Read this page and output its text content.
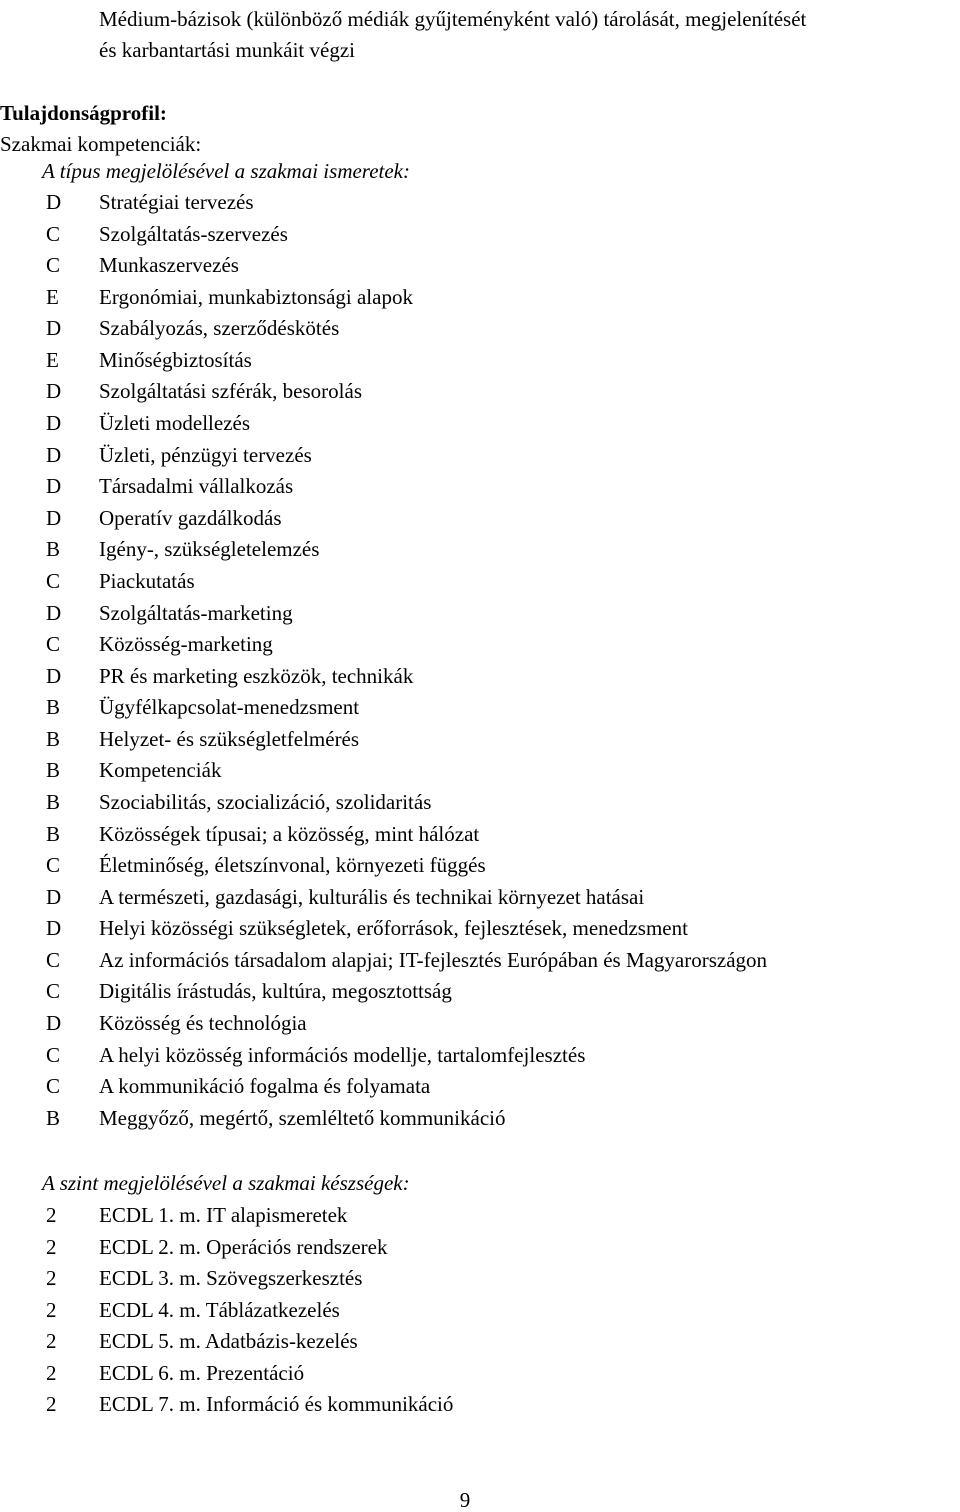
Médium-bázisok (különböző médiák gyűjteményként való) tárolását, megjelenítését
és karbantartási munkáit végzi
Tulajdonságprofil:
Szakmai kompetenciák:
A típus megjelölésével a szakmai ismeretek:
D	Stratégiai tervezés
C	Szolgáltatás-szervezés
C	Munkaszervezés
E	Ergonómiai, munkabiztonsági alapok
D	Szabályozás, szerződéskötés
E	Minőségbiztosítás
D	Szolgáltatási szférák, besorolás
D	Üzleti modellezés
D	Üzleti, pénzügyi tervezés
D	Társadalmi vállalkozás
D	Operatív gazdálkodás
B	Igény-, szükségletelemzés
C	Piackutatás
D	Szolgáltatás-marketing
C	Közösség-marketing
D	PR és marketing eszközök, technikák
B	Ügyfélkapcsolat-menedzsment
B	Helyzet- és szükségletfelmérés
B	Kompetenciák
B	Szociabilitás, szocializáció, szolidaritás
B	Közösségek típusai; a közösség, mint hálózat
C	Életminőség, életszínvonal, környezeti függés
D	A természeti, gazdasági, kulturális és technikai környezet hatásai
D	Helyi közösségi szükségletek, erőforrások, fejlesztések, menedzsment
C	Az információs társadalom alapjai; IT-fejlesztés Európában és Magyarországon
C	Digitális írástudás, kultúra, megosztottság
D	Közösség és technológia
C	A helyi közösség információs modellje, tartalomfejlesztés
C	A kommunikáció fogalma és folyamata
B	Meggyőző, megértő, szemléltető kommunikáció
A szint megjelölésével a szakmai készségek:
2	ECDL 1. m. IT alapismeretek
2	ECDL 2. m. Operációs rendszerek
2	ECDL 3. m. Szövegszerkesztés
2	ECDL 4. m. Táblázatkezelés
2	ECDL 5. m. Adatbázis-kezelés
2	ECDL 6. m. Prezentáció
2	ECDL 7. m. Információ és kommunikáció
9
